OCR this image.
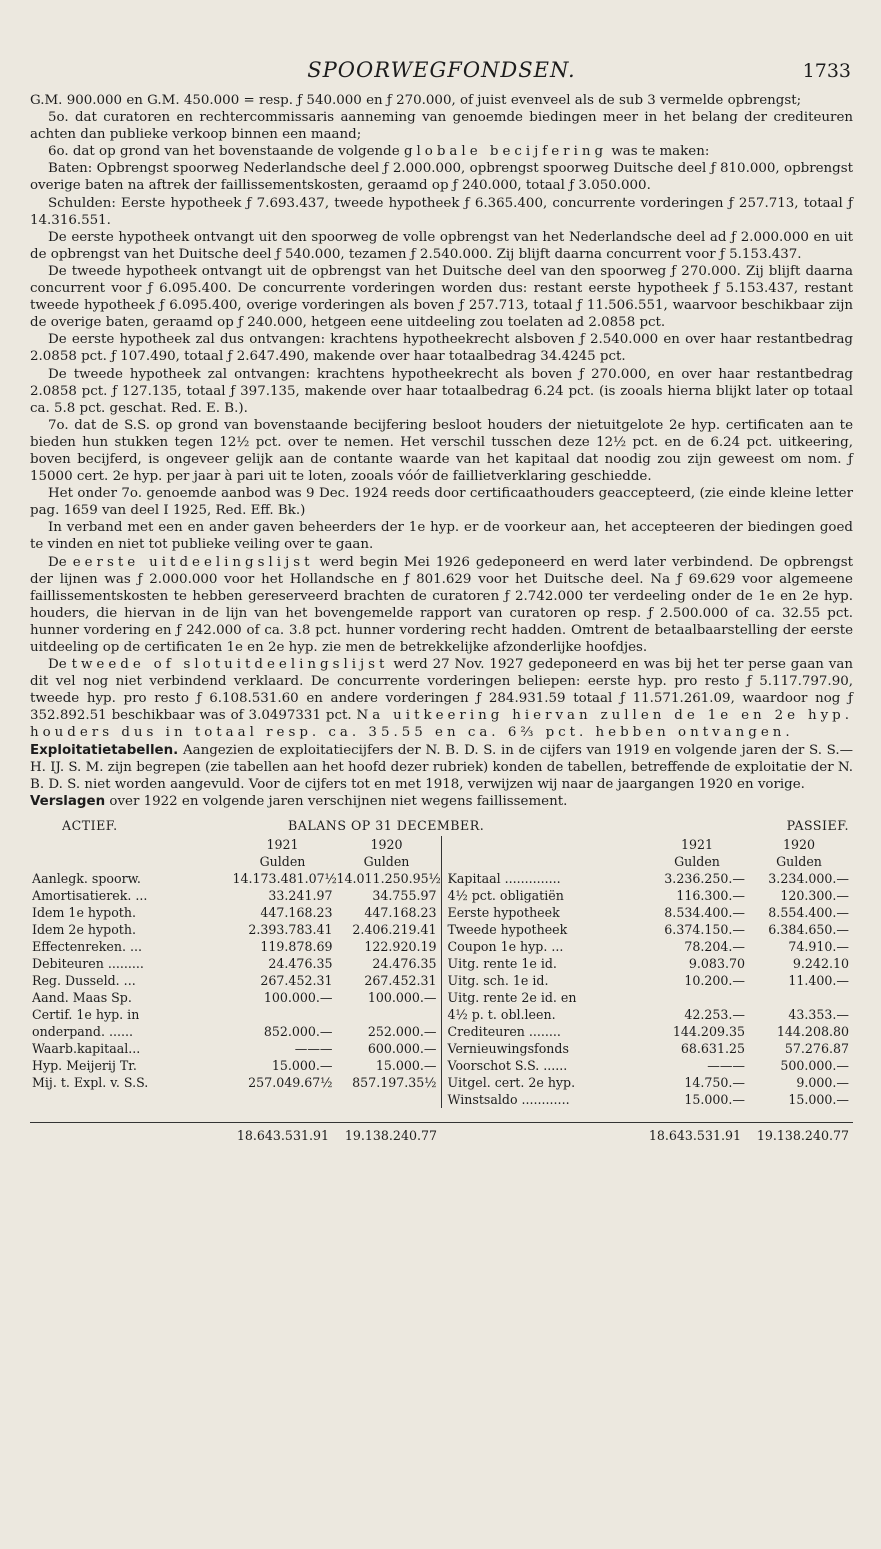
SPOORWEGFONDSEN.	1733

G.M. 900.000 en G.M. 450.000 = resp. ƒ 540.000 en ƒ 270.000, of juist evenveel als de sub 3 vermelde opbrengst;

5o. dat curatoren en rechtercommissaris aanneming van genoemde biedingen meer in het belang der crediteuren achten dan publieke verkoop binnen een maand;

6o. dat op grond van het bovenstaande de volgende globale becijfering was te maken:

Baten: Opbrengst spoorweg Nederlandsche deel ƒ 2.000.000, opbrengst spoorweg Duitsche deel ƒ 810.000, opbrengst overige baten na aftrek der faillissementskosten, geraamd op ƒ 240.000, totaal ƒ 3.050.000.

Schulden: Eerste hypotheek ƒ 7.693.437, tweede hypotheek ƒ 6.365.400, concurrente vorderingen ƒ 257.713, totaal ƒ 14.316.551.

De eerste hypotheek ontvangt uit den spoorweg de volle opbrengst van het Nederlandsche deel ad ƒ 2.000.000 en uit de opbrengst van het Duitsche deel ƒ 540.000, tezamen ƒ 2.540.000. Zij blijft daarna concurrent voor ƒ 5.153.437.

De tweede hypotheek ontvangt uit de opbrengst van het Duitsche deel van den spoorweg ƒ 270.000. Zij blijft daarna concurrent voor ƒ 6.095.400. De concurrente vorderingen worden dus: restant eerste hypotheek ƒ 5.153.437, restant tweede hypotheek ƒ 6.095.400, overige vorderingen als boven ƒ 257.713, totaal ƒ 11.506.551, waarvoor beschikbaar zijn de overige baten, geraamd op ƒ 240.000, hetgeen eene uitdeeling zou toelaten ad 2.0858 pct.

De eerste hypotheek zal dus ontvangen: krachtens hypotheekrecht alsboven ƒ 2.540.000 en over haar restantbedrag 2.0858 pct. ƒ 107.490, totaal ƒ 2.647.490, makende over haar totaalbedrag 34.4245 pct.

De tweede hypotheek zal ontvangen: krachtens hypotheekrecht als boven ƒ 270.000, en over haar restantbedrag 2.0858 pct. ƒ 127.135, totaal ƒ 397.135, makende over haar totaalbedrag 6.24 pct. (is zooals hierna blijkt later op totaal ca. 5.8 pct. geschat. Red. E. B.).

7o. dat de S.S. op grond van bovenstaande becijfering besloot houders der nietuitgelote 2e hyp. certificaten aan te bieden hun stukken tegen 12½ pct. over te nemen. Het verschil tusschen deze 12½ pct. en de 6.24 pct. uitkeering, boven becijferd, is ongeveer gelijk aan de contante waarde van het kapitaal dat noodig zou zijn geweest om nom. ƒ 15000 cert. 2e hyp. per jaar à pari uit te loten, zooals vóór de faillietverklaring geschiedde.

Het onder 7o. genoemde aanbod was 9 Dec. 1924 reeds door certificaathouders geaccepteerd, (zie einde kleine letter pag. 1659 van deel I 1925, Red. Eff. Bk.)

In verband met een en ander gaven beheerders der 1e hyp. er de voorkeur aan, het accepteeren der biedingen goed te vinden en niet tot publieke veiling over te gaan.

De eerste uitdeelingslijst werd begin Mei 1926 gedeponeerd en werd later verbindend. De opbrengst der lijnen was ƒ 2.000.000 voor het Hollandsche en ƒ 801.629 voor het Duitsche deel. Na ƒ 69.629 voor algemeene faillissementskosten te hebben gereserveerd brachten de curatoren ƒ 2.742.000 ter verdeeling onder de 1e en 2e hyp. houders, die hiervan in de lijn van het bovengemelde rapport van curatoren op resp. ƒ 2.500.000 of ca. 32.55 pct. hunner vordering en ƒ 242.000 of ca. 3.8 pct. hunner vordering recht hadden. Omtrent de betaalbaarstelling der eerste uitdeeling op de certificaten 1e en 2e hyp. zie men de betrekkelijke afzonderlijke hoofdjes.

De tweede of slotuitdeelingslijst werd 27 Nov. 1927 gedeponeerd en was bij het ter perse gaan van dit vel nog niet verbindend verklaard. De concurrente vorderingen beliepen: eerste hyp. pro resto ƒ 5.117.797.90, tweede hyp. pro resto ƒ 6.108.531.60 en andere vorderingen ƒ 284.931.59 totaal ƒ 11.571.261.09, waardoor nog ƒ 352.892.51 beschikbaar was of 3.0497331 pct. Na uitkeering hiervan zullen de 1e en 2e hyp. houders dus in totaal resp. ca. 35.55 en ca. 6⅔ pct. hebben ontvangen.

Exploitatietabellen. Aangezien de exploitatiecijfers der N. B. D. S. in de cijfers van 1919 en volgende jaren der S. S.—H. IJ. S. M. zijn begrepen (zie tabellen aan het hoofd dezer rubriek) konden de tabellen, betreffende de exploitatie der N. B. D. S. niet worden aangevuld. Voor de cijfers tot en met 1918, verwijzen wij naar de jaargangen 1920 en vorige.

Verslagen over 1922 en volgende jaren verschijnen niet wegens faillissement.

ACTIEF.	BALANS OP 31 DECEMBER.	PASSIEF.
1921	1920
Gulden	Gulden
Aanlegk. spoorw.	14.173.481.07½ 14.011.250.95½
Amortisatierek. ...	33.241.97	34.755.97
Idem 1e hypoth.	447.168.23	447.168.23
Idem 2e hypoth.	2.393.783.41	2.406.219.41
Effectenreken. ...	119.878.69	122.920.19
Debiteuren .........	24.476.35	24.476.35
Reg. Dusseld. ...	267.452.31	267.452.31
Aand. Maas Sp.	100.000.—	100.000.—
Certif. 1e hyp. in
onderpand. ......	852.000.—	252.000.—
Waarb.kapitaal...	———	600.000.—
Hyp. Meijerij Tr.	15.000.—	15.000.—
Mij. t. Expl. v. S.S.	257.049.67½	857.197.35½
1921	1920
Gulden	Gulden
Kapitaal ..............	3.236.250.—	3.234.000.—
4½ pct. obligatiën	116.300.—	120.300.—
Eerste hypotheek	8.534.400.—	8.554.400.—
Tweede hypotheek	6.374.150.—	6.384.650.—
Coupon 1e hyp. ...	78.204.—	74.910.—
Uitg. rente 1e id.	9.083.70	9.242.10
Uitg. sch. 1e id.	10.200.—	11.400.—
Uitg. rente 2e id. en
4½ p. t. obl.leen.	42.253.—	43.353.—
Crediteuren ........	144.209.35	144.208.80
Vernieuwingsfonds	68.631.25	57.276.87
Voorschot S.S. ......	———	500.000.—
Uitgel. cert. 2e hyp.	14.750.—	9.000.—
Winstsaldo ............	15.000.—	15.000.—
18.643.531.91	19.138.240.77	18.643.531.91	19.138.240.77
